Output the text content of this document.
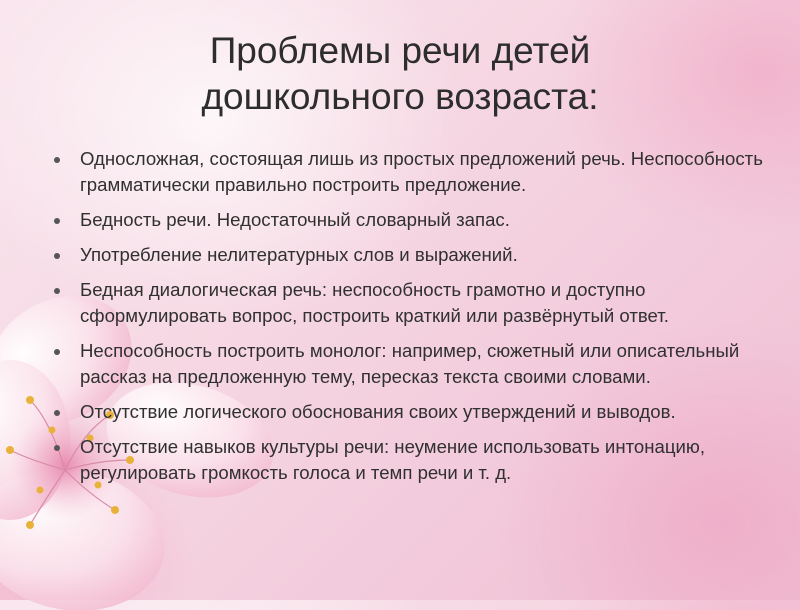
Проблемы речи детей
дошкольного возраста:
Односложная, состоящая лишь из простых предложений речь. Неспособность грамматически правильно построить предложение.
Бедность речи. Недостаточный словарный запас.
Употребление нелитературных слов и выражений.
Бедная диалогическая речь: неспособность грамотно и доступно сформулировать вопрос, построить краткий или развёрнутый ответ.
Неспособность построить монолог: например, сюжетный или описательный рассказ на предложенную тему, пересказ текста своими словами.
Отсутствие логического обоснования своих утверждений и выводов.
Отсутствие навыков культуры речи: неумение использовать интонацию, регулировать громкость голоса и темп речи и т. д.
